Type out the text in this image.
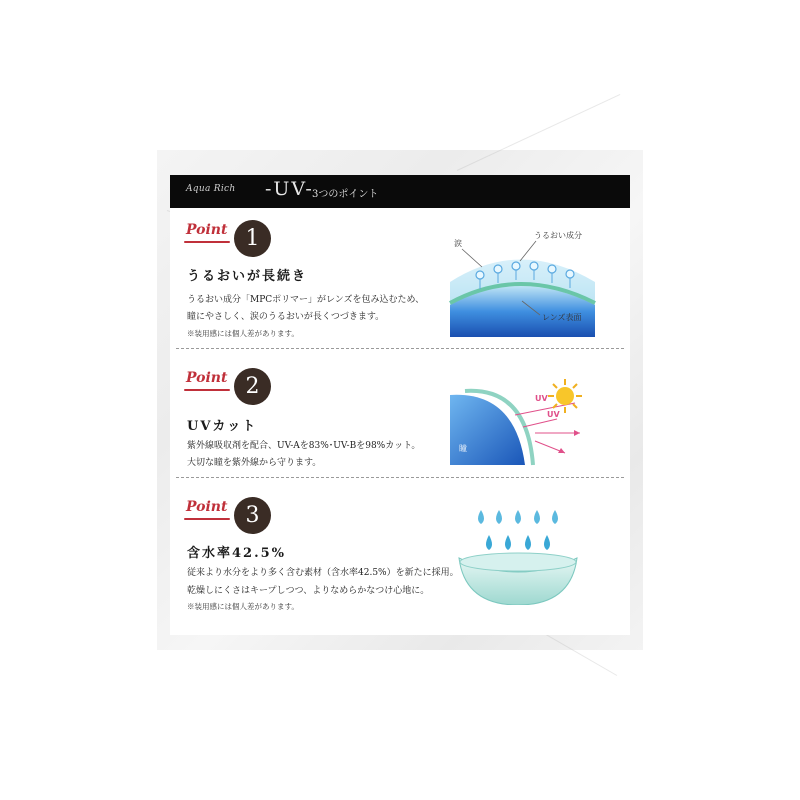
Aqua Rich -UV-
3つのポイント
Point 1
うるおいが長続き
うるおい成分「MPCポリマー」がレンズを包み込むため、
瞳にやさしく、涙のうるおいが長くつづきます。
※装用感には個人差があります。
涙
うるおい成分
レンズ表面
Point 2
UVカット
紫外線吸収剤を配合、UV-Aを83%･UV-Bを98%カット。
大切な瞳を紫外線から守ります。
瞳
UV
UV
Point 3
含水率42.5%
従来より水分をより多く含む素材（含水率42.5%）を新たに採用。
乾燥しにくさはキープしつつ、よりなめらかなつけ心地に。
※装用感には個人差があります。
